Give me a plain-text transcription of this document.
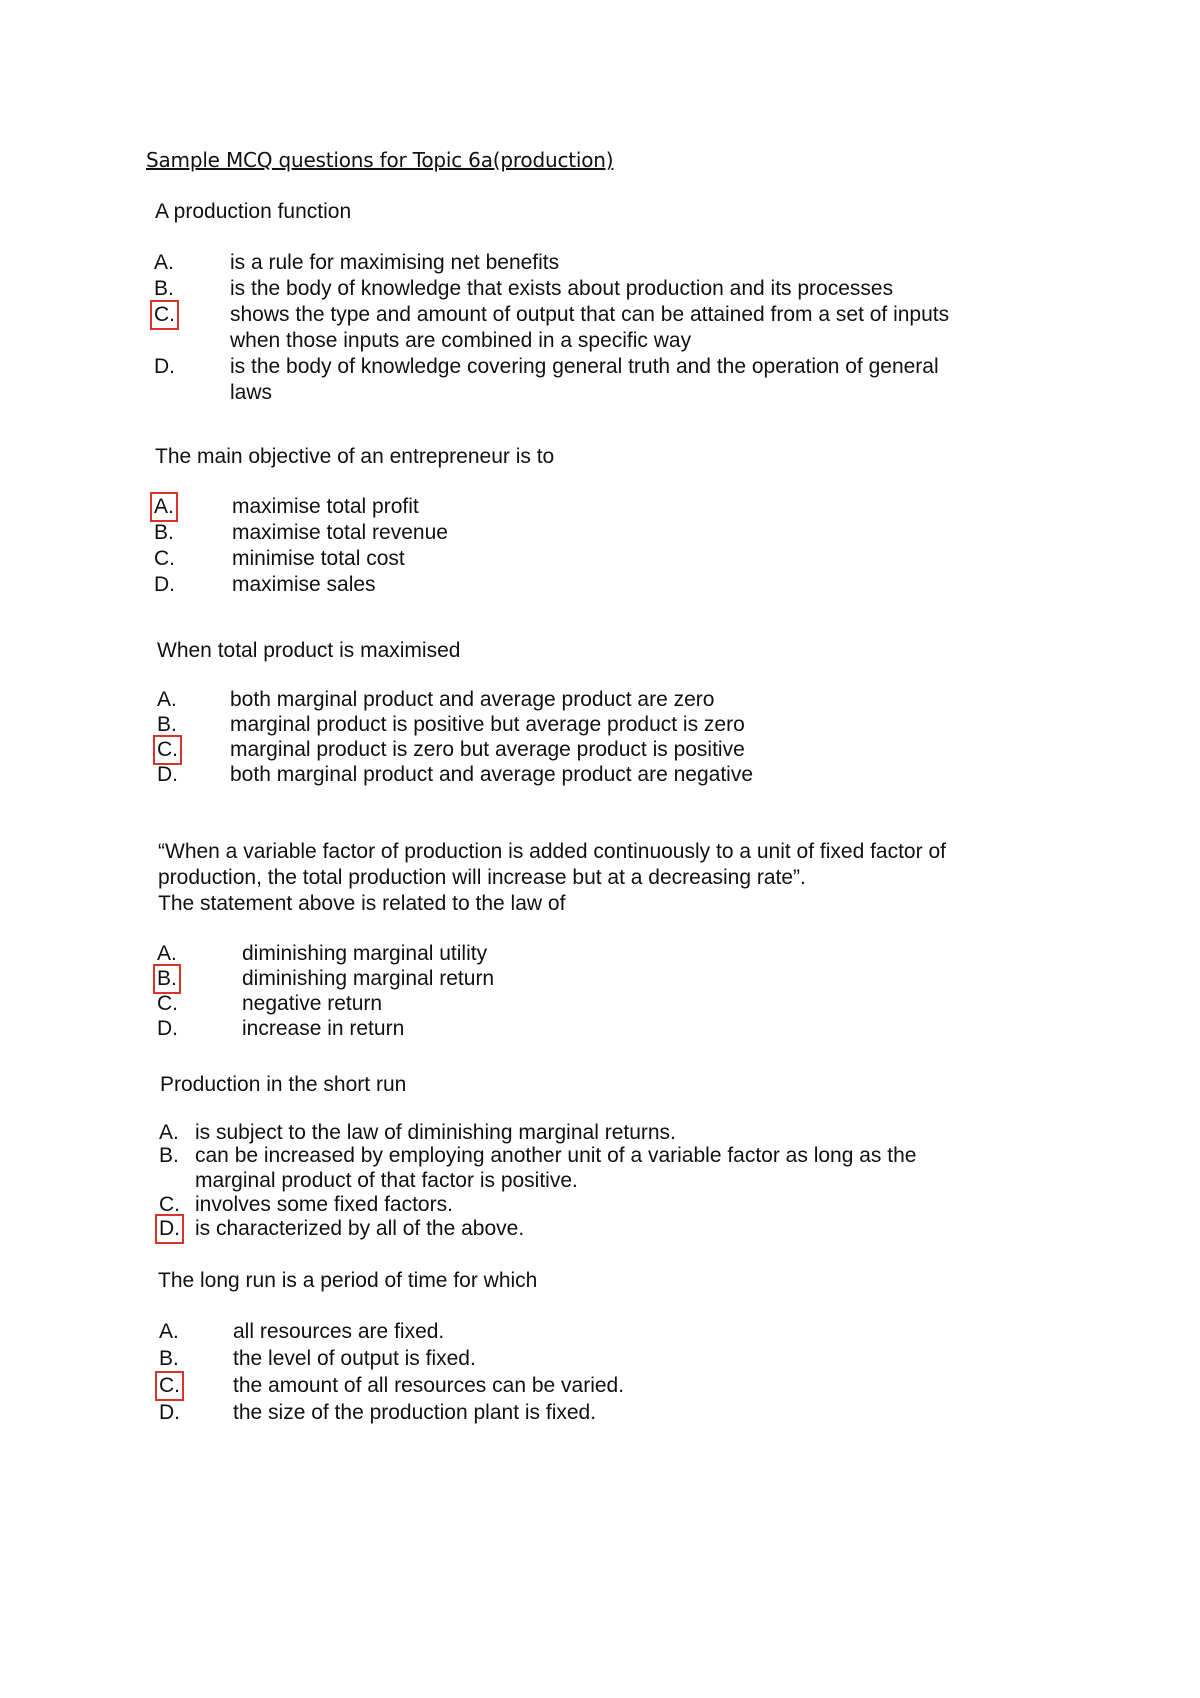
Sample MCQ questions for Topic 6a(production)
A production function
A.	is a rule for maximising net benefits
B.	is the body of knowledge that exists about production and its processes
C.	shows the type and amount of output that can be attained from a set of inputs
when those inputs are combined in a specific way
D.	is the body of knowledge covering general truth and the operation of general
laws
The main objective of an entrepreneur is to
A.	maximise total profit
B.	maximise total revenue
C.	minimise total cost
D.	maximise sales
When total product is maximised
A.	both marginal product and average product are zero
B.	marginal product is positive but average product is zero
C. marginal product is zero but average product is positive
D. both marginal product and average product are negative
“When a variable factor of production is added continuously to a unit of fixed factor of
production, the total production will increase but at a decreasing rate”.
The statement above is related to the law of
A.	diminishing marginal utility
B.	diminishing marginal return
C.	negative return
D.	increase in return
Production in the short run
A. is subject to the law of diminishing marginal returns.
B. can be increased by employing another unit of a variable factor as long as the
marginal product of that factor is positive.
C. involves some fixed factors.
D. is characterized by all of the above.
The long run is a period of time for which
A.	all resources are fixed.
B.	the level of output is fixed.
C.	the amount of all resources can be varied.
D.	the size of the production plant is fixed.
